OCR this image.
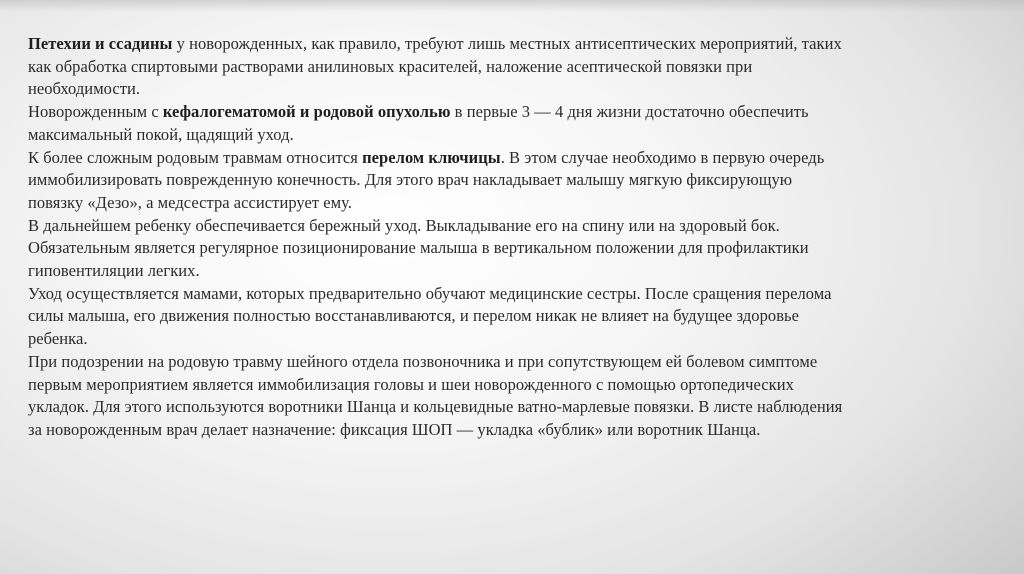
Петехии и ссадины у новорожденных, как правило, требуют лишь местных антисептических мероприятий, таких
как обработка спиртовыми растворами анилиновых красителей, наложение асептической повязки при
необходимости.

Новорожденным с кефалогематомой и родовой опухолью в первые 3 — 4 дня жизни достаточно обеспечить
максимальный покой, щадящий уход.

К более сложным родовым травмам относится перелом ключицы. В этом случае необходимо в первую очередь
иммобилизировать поврежденную конечность. Для этого врач накладывает малышу мягкую фиксирующую
повязку «Дезо», а медсестра ассистирует ему.

В дальнейшем ребенку обеспечивается бережный уход. Выкладывание его на спину или на здоровый бок.
Обязательным является регулярное позиционирование малыша в вертикальном положении для профилактики
гиповентиляции легких.

Уход осуществляется мамами, которых предварительно обучают медицинские сестры. После сращения перелома
силы малыша, его движения полностью восстанавливаются, и перелом никак не влияет на будущее здоровье
ребенка.

При подозрении на родовую травму шейного отдела позвоночника и при сопутствующем ей болевом симптоме
первым мероприятием является иммобилизация головы и шеи новорожденного с помощью ортопедических
укладок. Для этого используются воротники Шанца и кольцевидные ватно-марлевые повязки. В листе наблюдения
за новорожденным врач делает назначение: фиксация ШОП — укладка «бублик» или воротник Шанца.
